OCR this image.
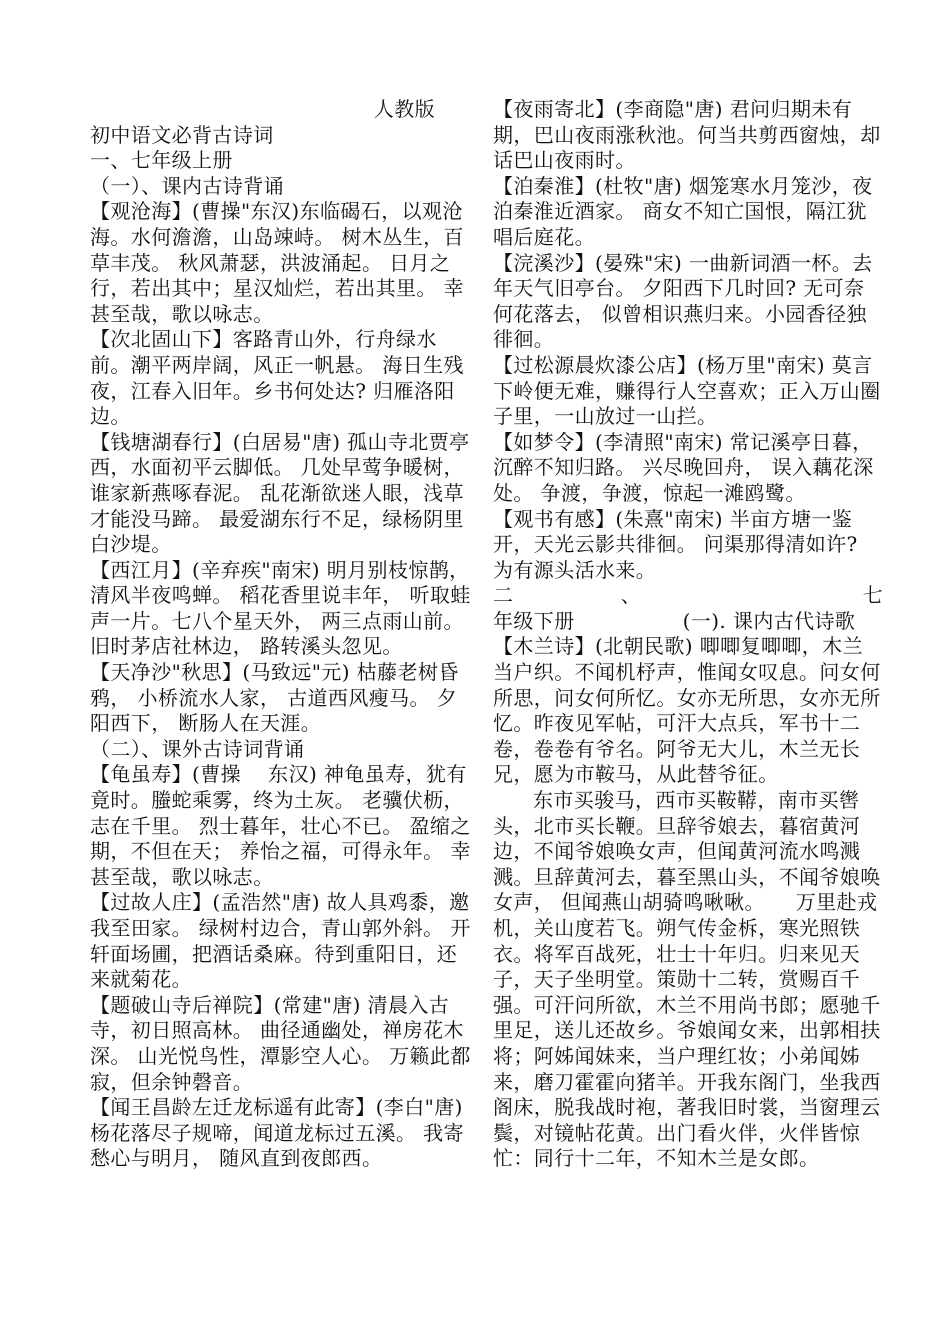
人教版

初中语文必背古诗词

一、七年级上册

（一）、课内古诗背诵

【观沧海】(曹操"东汉)东临碣石，以观沧海。水何澹澹，山岛竦峙。 树木丛生，百草丰茂。 秋风萧瑟，洪波涌起。 日月之行，若出其中；星汉灿烂，若出其里。 幸甚至哉，歌以咏志。

【次北固山下】客路青山外，行舟绿水前。潮平两岸阔，风正一帆悬。 海日生残夜，江春入旧年。乡书何处达? 归雁洛阳边。

【钱塘湖春行】(白居易"唐) 孤山寺北贾亭西，水面初平云脚低。 几处早莺争暖树，谁家新燕啄春泥。 乱花渐欲迷人眼，浅草才能没马蹄。 最爱湖东行不足，绿杨阴里白沙堤。

【西江月】(辛弃疾"南宋) 明月别枝惊鹊， 清风半夜鸣蝉。 稻花香里说丰年， 听取蛙声一片。七八个星天外， 两三点雨山前。 旧时茅店社林边， 路转溪头忽见。

【天净沙"秋思】(马致远"元) 枯藤老树昏鸦， 小桥流水人家， 古道西风瘦马。 夕阳西下， 断肠人在天涯。

（二）、课外古诗词背诵

【龟虽寿】(曹操　 东汉) 神龟虽寿，犹有竟时。螣蛇乘雾，终为土灰。 老骥伏枥，志在千里。 烈士暮年，壮心不已。 盈缩之期，不但在天； 养怡之福，可得永年。 幸甚至哉，歌以咏志。

【过故人庄】(孟浩然"唐) 故人具鸡黍，邀我至田家。 绿树村边合，青山郭外斜。 开轩面场圃，把酒话桑麻。待到重阳日，还来就菊花。

【题破山寺后禅院】(常建"唐) 清晨入古寺，初日照高林。 曲径通幽处，禅房花木深。 山光悦鸟性，潭影空人心。 万籁此都寂，但余钟磬音。

【闻王昌龄左迁龙标遥有此寄】(李白"唐) 杨花落尽子规啼，闻道龙标过五溪。 我寄愁心与明月， 随风直到夜郎西。

【夜雨寄北】(李商隐"唐) 君问归期未有期，巴山夜雨涨秋池。何当共剪西窗烛，却话巴山夜雨时。

【泊秦淮】(杜牧"唐) 烟笼寒水月笼沙，夜泊秦淮近酒家。 商女不知亡国恨，隔江犹唱后庭花。

【浣溪沙】(晏殊"宋) 一曲新词酒一杯。去年天气旧亭台。 夕阳西下几时回? 无可奈何花落去， 似曾相识燕归来。小园香径独徘徊。

【过松源晨炊漆公店】(杨万里"南宋) 莫言下岭便无难，赚得行人空喜欢；正入万山圈子里，一山放过一山拦。

【如梦令】(李清照"南宋) 常记溪亭日暮， 沉醉不知归路。 兴尽晚回舟， 误入藕花深处。 争渡，争渡，惊起一滩鸥鹭。

【观书有感】(朱熹"南宋) 半亩方塘一鉴开，天光云影共徘徊。 问渠那得清如许? 为有源头活水来。

二、	七

年级下册	(一). 课内古代诗歌

【木兰诗】(北朝民歌) 唧唧复唧唧，木兰当户织。不闻机杼声，惟闻女叹息。问女何所思，问女何所忆。女亦无所思，女亦无所忆。昨夜见军帖，可汗大点兵，军书十二卷，卷卷有爷名。阿爷无大儿，木兰无长兄，愿为市鞍马，从此替爷征。

东市买骏马，西市买鞍鞯，南市买辔头，北市买长鞭。旦辞爷娘去，暮宿黄河边，不闻爷娘唤女声，但闻黄河流水鸣溅溅。旦辞黄河去，暮至黑山头，不闻爷娘唤女声， 但闻燕山胡骑鸣啾啾。　　万里赴戎机，关山度若飞。朔气传金柝，寒光照铁衣。将军百战死，壮士十年归。归来见天子，天子坐明堂。策勋十二转，赏赐百千强。可汗问所欲，木兰不用尚书郎；愿驰千里足，送儿还故乡。爷娘闻女来，出郭相扶将；阿姊闻妹来，当户理红妆；小弟闻姊来，磨刀霍霍向猪羊。开我东阁门，坐我西阁床，脱我战时袍，著我旧时裳，当窗理云鬓，对镜帖花黄。出门看火伴，火伴皆惊忙：同行十二年，不知木兰是女郎。
